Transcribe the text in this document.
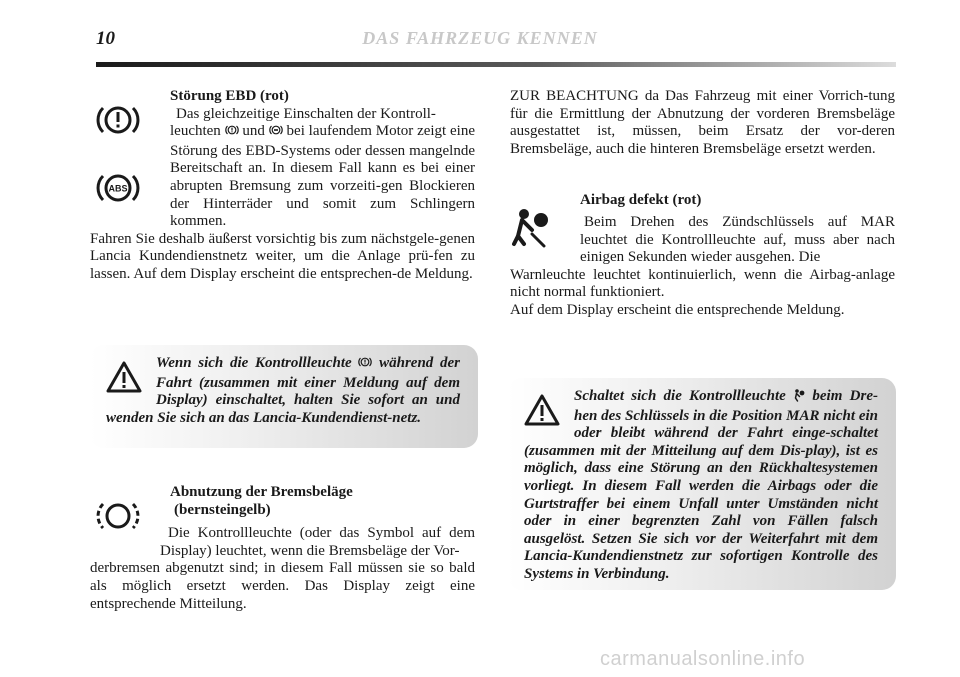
10	DAS FAHRZEUG KENNEN
ABS
Störung EBD (rot)

Das gleichzeitige Einschalten der Kontroll-

leuchten  und  bei laufendem Motor zeigt eine Störung des EBD-Systems oder dessen mangelnde Bereitschaft an. In diesem Fall kann es bei einer abrupten Bremsung zum vorzeiti-gen Blockieren der Hinterräder und somit zum Schlingern kommen.

Fahren Sie deshalb äußerst vorsichtig bis zum nächstgele-genen Lancia Kundendienstnetz weiter, um die Anlage prü-fen zu lassen. Auf dem Display erscheint die entsprechen-de Meldung.

Wenn sich die Kontrollleuchte  während der Fahrt (zusammen mit einer Meldung auf dem Display) einschaltet, halten Sie sofort an und wenden Sie sich an das Lancia-Kundendienst-netz.
Abnutzung der Bremsbeläge
(bernsteingelb)

Die Kontrollleuchte (oder das Symbol auf dem Display) leuchtet, wenn die Bremsbeläge der Vor-

derbremsen abgenutzt sind; in diesem Fall müssen sie so bald als möglich ersetzt werden. Das Display zeigt eine entsprechende Mitteilung.

ZUR BEACHTUNG da Das Fahrzeug mit einer Vorrich-tung für die Ermittlung der Abnutzung der vorderen Bremsbeläge ausgestattet ist, müssen, beim Ersatz der vor-deren Bremsbeläge, auch die hinteren Bremsbeläge ersetzt werden.

Airbag defekt (rot)

Beim Drehen des Zündschlüssels auf MAR leuchtet die Kontrollleuchte auf, muss aber nach einigen Sekunden wieder ausgehen. Die

Warnleuchte leuchtet kontinuierlich, wenn die Airbag-anlage nicht normal funktioniert.

Auf dem Display erscheint die entsprechende Meldung.

Schaltet sich die Kontrollleuchte  beim Dre-hen des Schlüssels in die Position MAR nicht ein oder bleibt während der Fahrt einge-schaltet (zusammen mit der Mitteilung auf dem Dis-play), ist es möglich, dass eine Störung an den Rückhaltesystemen vorliegt. In diesem Fall werden die Airbags oder die Gurtstraffer bei einem Unfall unter Umständen nicht oder in einer begrenzten Zahl von Fällen falsch ausgelöst. Setzen Sie sich vor der Weiterfahrt mit dem Lancia-Kundendienstnetz zur sofortigen Kontrolle des Systems in Verbindung.
carmanualsonline.info
